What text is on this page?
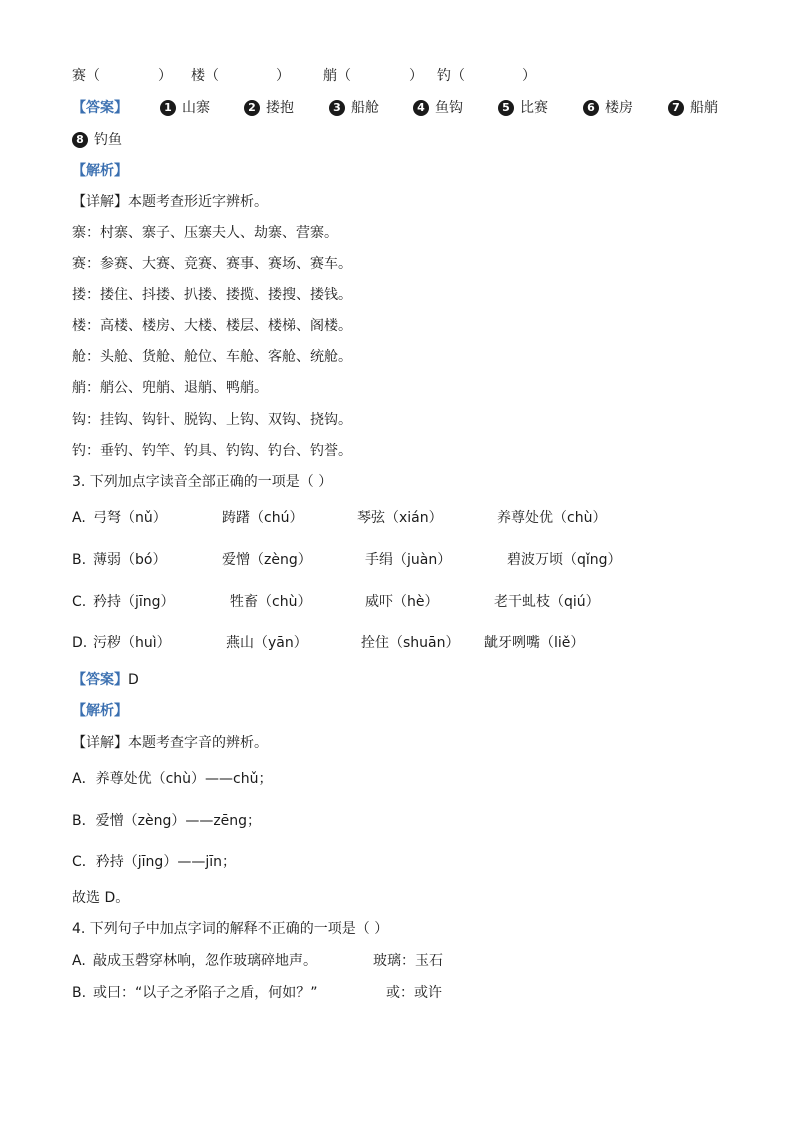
赛（	） 楼（	） 艄（	） 钓（	）
【答案】	1 山寨	2 搂抱	3 船舱	4 鱼钩	5 比赛	6 楼房	7 船艄
8 钓鱼
【解析】
【详解】本题考查形近字辨析。
寨：村寨、寨子、压寨夫人、劫寨、营寨。
赛：参赛、大赛、竞赛、赛事、赛场、赛车。
搂：搂住、抖搂、扒搂、搂揽、搂搜、搂钱。
楼：高楼、楼房、大楼、楼层、楼梯、阁楼。
舱：头舱、货舱、舱位、车舱、客舱、统舱。
艄：艄公、兜艄、退艄、鸭艄。
钩：挂钩、钩针、脱钩、上钩、双钩、挠钩。
钓：垂钓、钓竿、钓具、钓钩、钓台、钓誉。
3. 下列加点字读音全部正确的一项是（ ）
A. 弓弩（nǔ）	踌躇（chú）	琴弦（xián）	养尊处优（chù）
B. 薄弱（bó）	爱憎（zèng）	手绢（juàn）	碧波万顷（qǐng）
C. 矜持（jīng）	牲畜（chù）	威吓（hè）	老干虬枝（qiú）
D. 污秽（huì）	燕山（yān）	拴住（shuān） 龇牙咧嘴（liě）
【答案】 D
【解析】
【详解】本题考查字音的辨析。
A．养尊处优（chù）——chǔ；
B．爱憎（zèng）——zēng；
C．矜持（jīng）——jīn；
故选 D。
4. 下列句子中加点字词的解释不正确的一项是（ ）
A. 敲成玉磬穿林响，忽作玻璃碎地声。	玻璃：玉石
B. 或曰：“以子之矛陷子之盾，何如？”	或：或许
